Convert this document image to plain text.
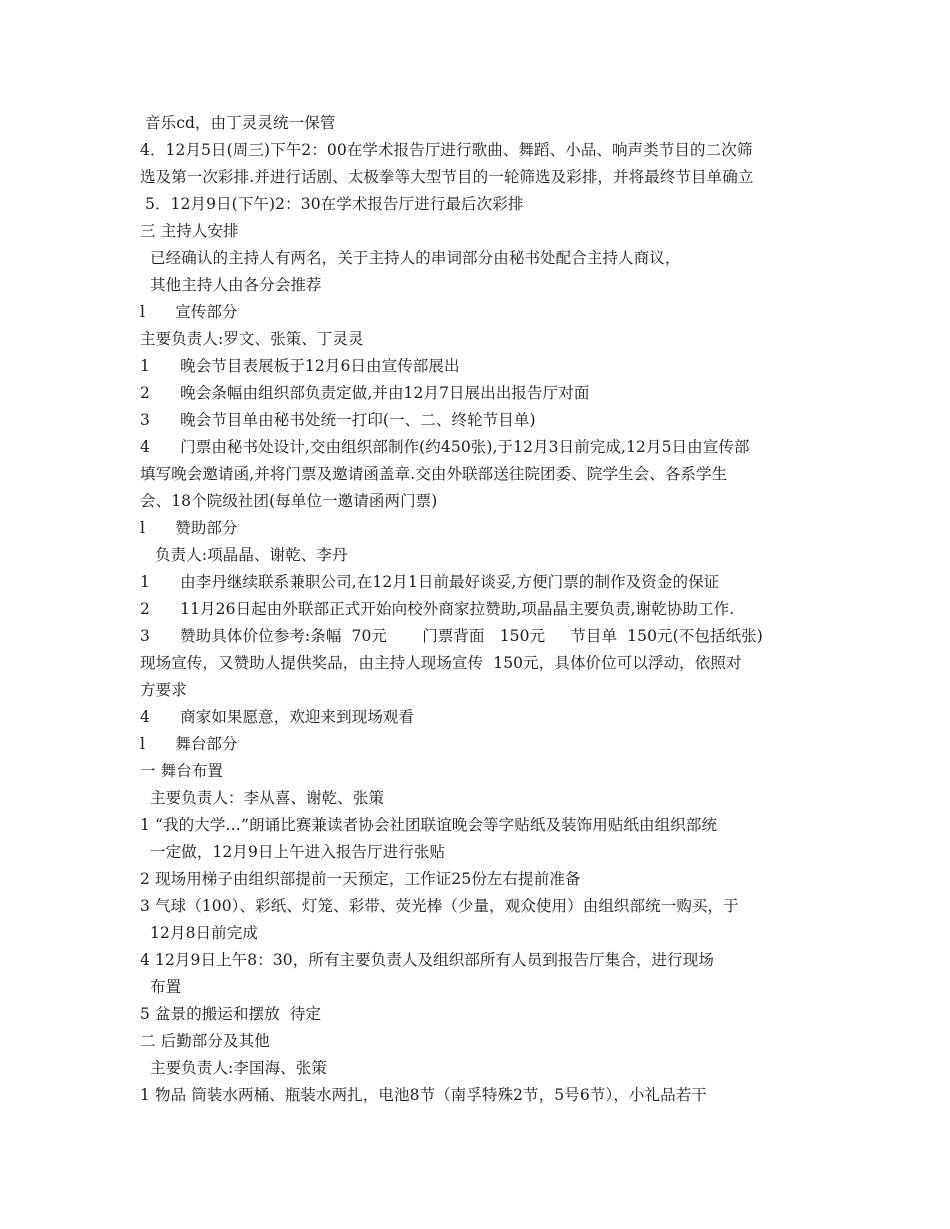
音乐cd，由丁灵灵统一保管
4．12月5日(周三)下午2：00在学术报告厅进行歌曲、舞蹈、小品、响声类节目的二次筛
选及第一次彩排.并进行话剧、太极拳等大型节目的一轮筛选及彩排，并将最终节目单确立
5．12月9日(下午)2：30在学术报告厅进行最后次彩排
三 主持人安排
已经确认的主持人有两名，关于主持人的串词部分由秘书处配合主持人商议，
其他主持人由各分会推荐
l      宣传部分
主要负责人:罗文、张策、丁灵灵
1      晚会节目表展板于12月6日由宣传部展出
2      晚会条幅由组织部负责定做,并由12月7日展出出报告厅对面
3      晚会节目单由秘书处统一打印(一、二、终轮节目单)
4      门票由秘书处设计,交由组织部制作(约450张),于12月3日前完成,12月5日由宣传部
填写晚会邀请函,并将门票及邀请函盖章.交由外联部送往院团委、院学生会、各系学生
会、18个院级社团(每单位一邀请函两门票)
l      赞助部分
负责人:项晶晶、谢乾、李丹
1      由李丹继续联系兼职公司,在12月1日前最好谈妥,方便门票的制作及资金的保证
2      11月26日起由外联部正式开始向校外商家拉赞助,项晶晶主要负责,谢乾协助工作.
3      赞助具体价位参考:条幅  70元       门票背面   150元     节目单  150元(不包括纸张)
现场宣传，又赞助人提供奖品，由主持人现场宣传  150元，具体价位可以浮动，依照对
方要求
4      商家如果愿意，欢迎来到现场观看
l      舞台部分
一 舞台布置
主要负责人：李从喜、谢乾、张策
1 “我的大学…”朗诵比赛兼读者协会社团联谊晚会等字贴纸及装饰用贴纸由组织部统
一定做，12月9日上午进入报告厅进行张贴
2 现场用梯子由组织部提前一天预定，工作证25份左右提前准备
3 气球（100）、彩纸、灯笼、彩带、荧光棒（少量，观众使用）由组织部统一购买，于
12月8日前完成
4 12月9日上午8：30，所有主要负责人及组织部所有人员到报告厅集合，进行现场
布置
5 盆景的搬运和摆放  待定
二 后勤部分及其他
主要负责人:李国海、张策
1 物品 筒装水两桶、瓶装水两扎，电池8节（南孚特殊2节，5号6节），小礼品若干
